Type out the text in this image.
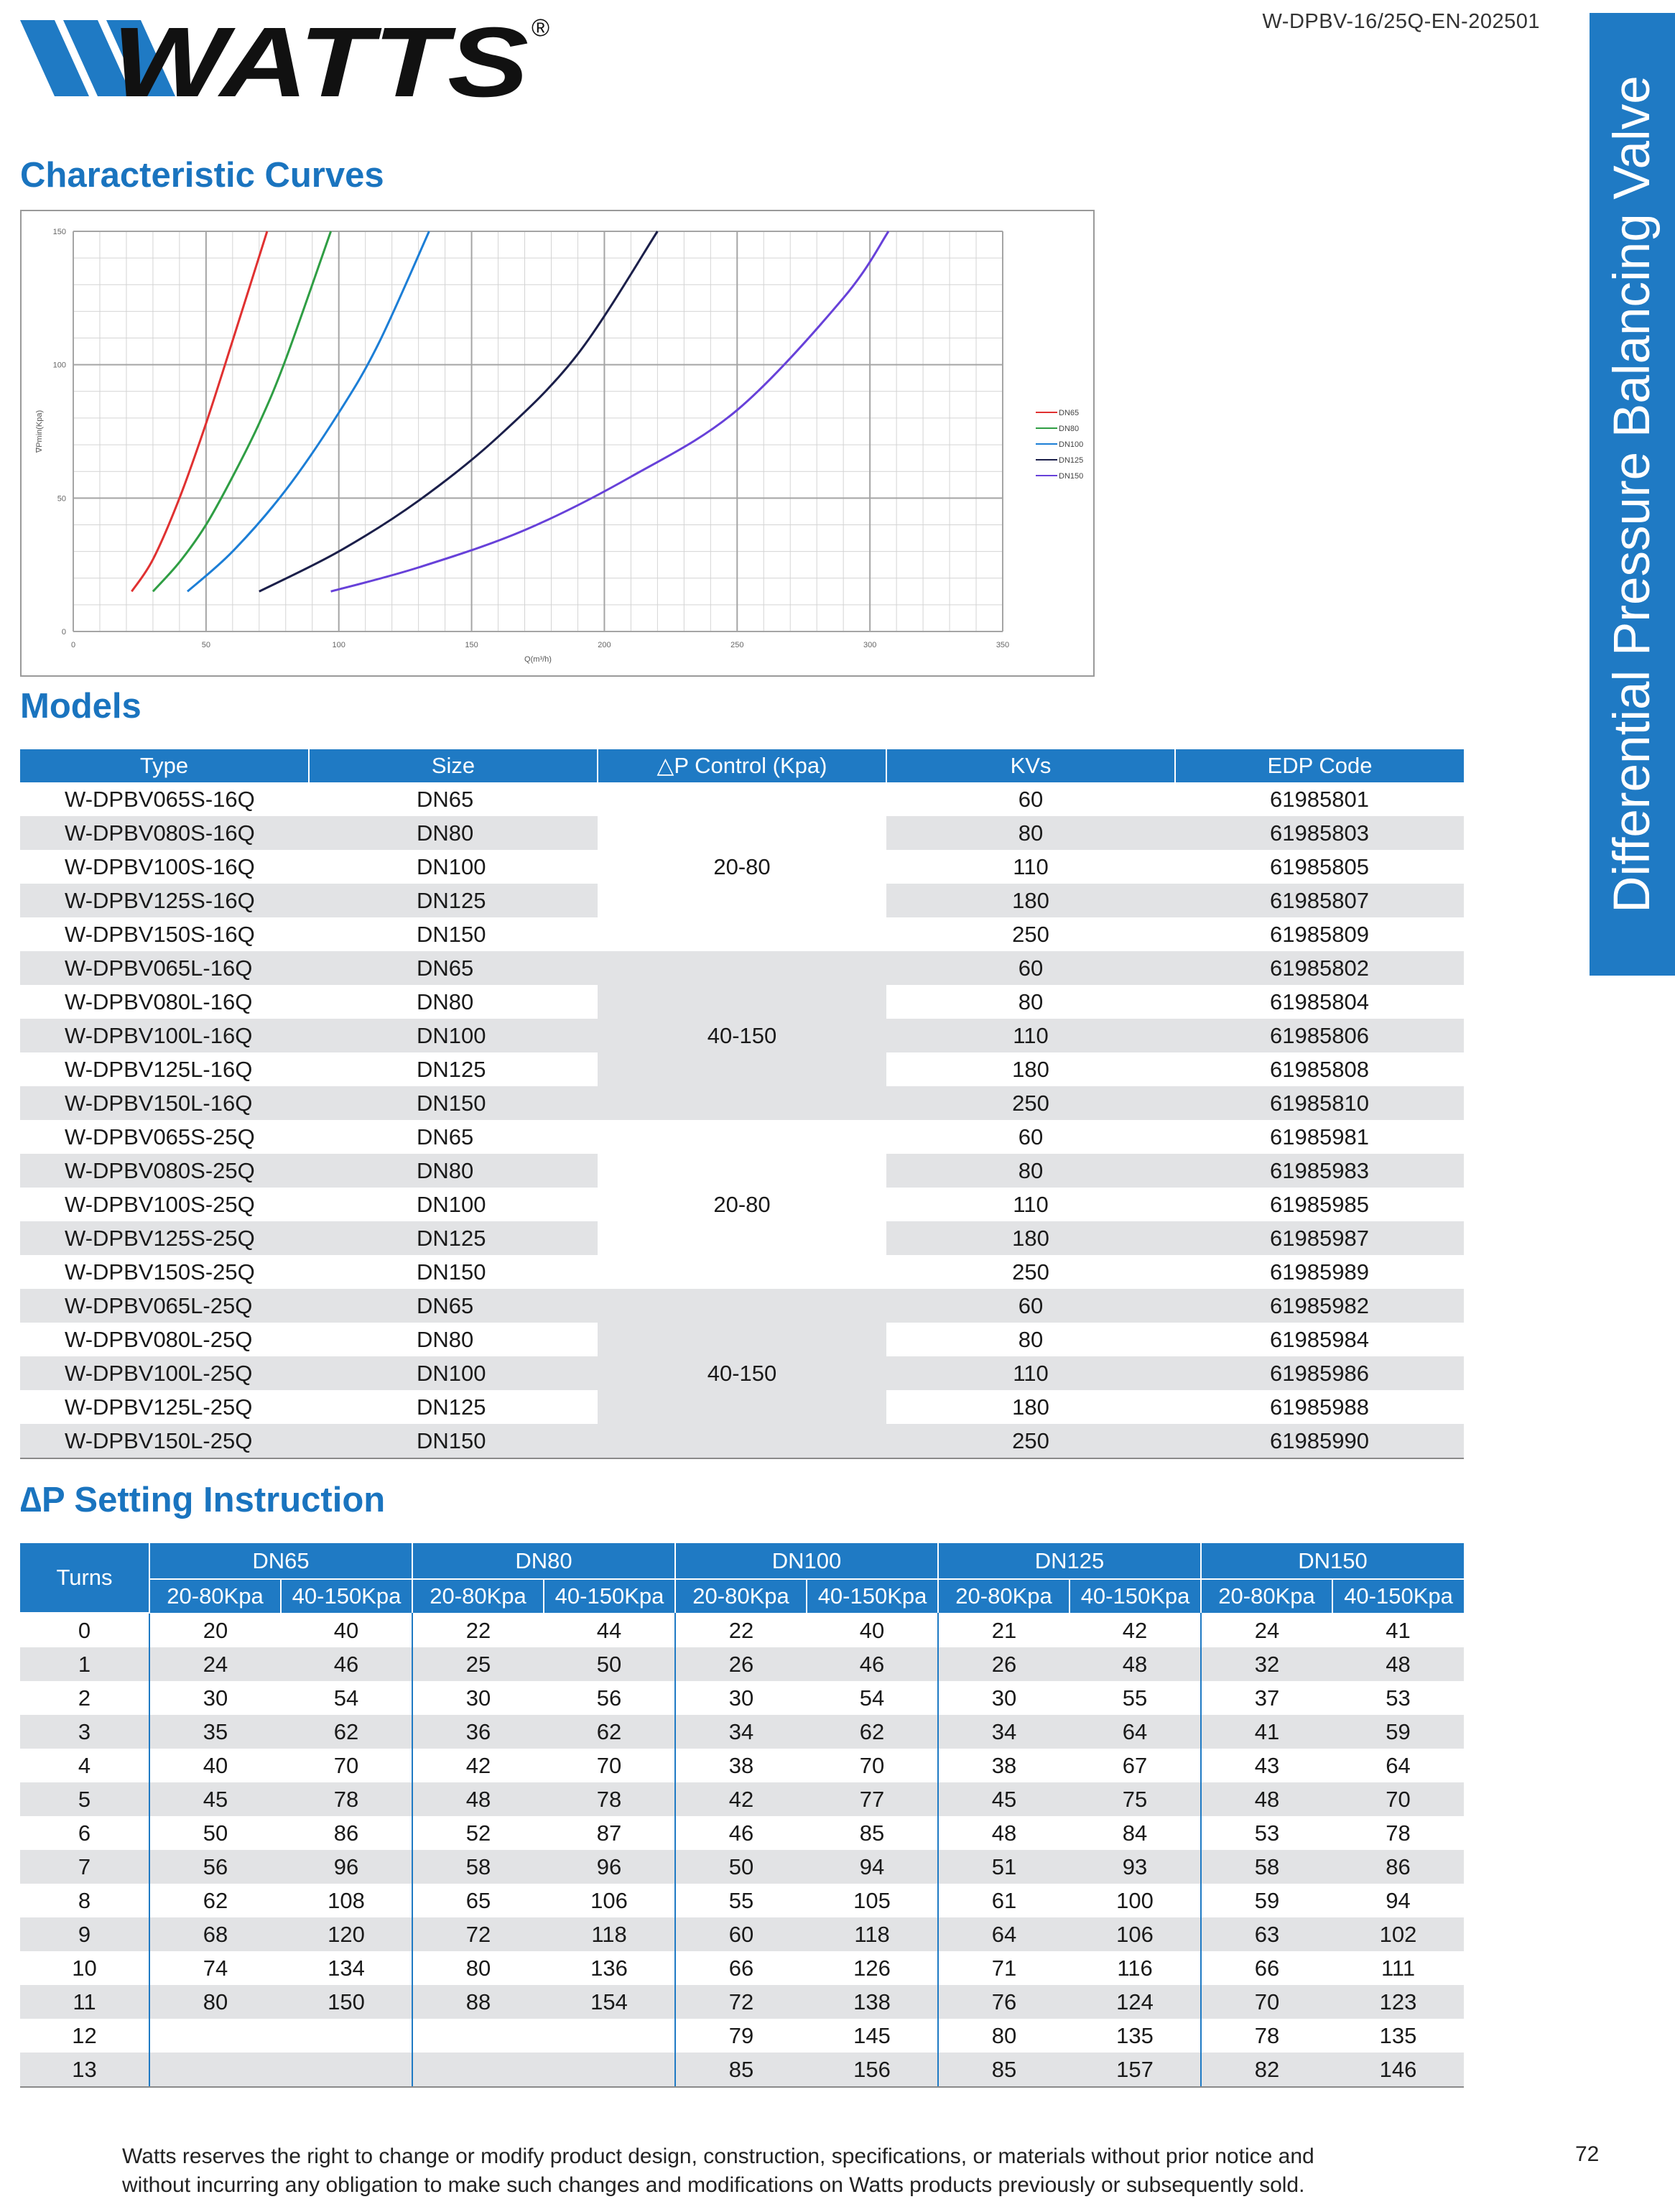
WATTS ®	W-DPBV-16/25Q-EN-202501
Differential Pressure Balancing Valve
Characteristic Curves
0	50	100	150	200	250	300	350
0
50
100
150
Q(m³/h)
∇Pmin(Kpa)	DN65
DN80
DN100
DN125
DN150
Models
Type	Size	△P Control (Kpa)	KVs	EDP Code
W-DPBV065S-16Q	DN65	20-80	60	61985801
W-DPBV080S-16Q	DN80		80	61985803
W-DPBV100S-16Q	DN100		110	61985805
W-DPBV125S-16Q	DN125		180	61985807
W-DPBV150S-16Q	DN150		250	61985809
W-DPBV065L-16Q	DN65	40-150	60	61985802
W-DPBV080L-16Q	DN80		80	61985804
W-DPBV100L-16Q	DN100		110	61985806
W-DPBV125L-16Q	DN125		180	61985808
W-DPBV150L-16Q	DN150		250	61985810
W-DPBV065S-25Q	DN65	20-80	60	61985981
W-DPBV080S-25Q	DN80		80	61985983
W-DPBV100S-25Q	DN100		110	61985985
W-DPBV125S-25Q	DN125		180	61985987
W-DPBV150S-25Q	DN150		250	61985989
W-DPBV065L-25Q	DN65	40-150	60	61985982
W-DPBV080L-25Q	DN80		80	61985984
W-DPBV100L-25Q	DN100		110	61985986
W-DPBV125L-25Q	DN125		180	61985988
W-DPBV150L-25Q	DN150		250	61985990
∆P Setting Instruction
Turns	DN65		DN80		DN100		DN125		DN150	
	20-80Kpa	40-150Kpa	20-80Kpa	40-150Kpa	20-80Kpa	40-150Kpa	20-80Kpa	40-150Kpa	20-80Kpa	40-150Kpa
0	20	40	22	44	22	40	21	42	24	41
1	24	46	25	50	26	46	26	48	32	48
2	30	54	30	56	30	54	30	55	37	53
3	35	62	36	62	34	62	34	64	41	59
4	40	70	42	70	38	70	38	67	43	64
5	45	78	48	78	42	77	45	75	48	70
6	50	86	52	87	46	85	48	84	53	78
7	56	96	58	96	50	94	51	93	58	86
8	62	108	65	106	55	105	61	100	59	94
9	68	120	72	118	60	118	64	106	63	102
10	74	134	80	136	66	126	71	116	66	111
11	80	150	88	154	72	138	76	124	70	123
12					79	145	80	135	78	135
13					85	156	85	157	82	146
Watts reserves the right to change or modify product design, construction, specifications, or materials without prior notice and
without incurring any obligation to make such changes and modifications on Watts products previously or subsequently sold.
72
